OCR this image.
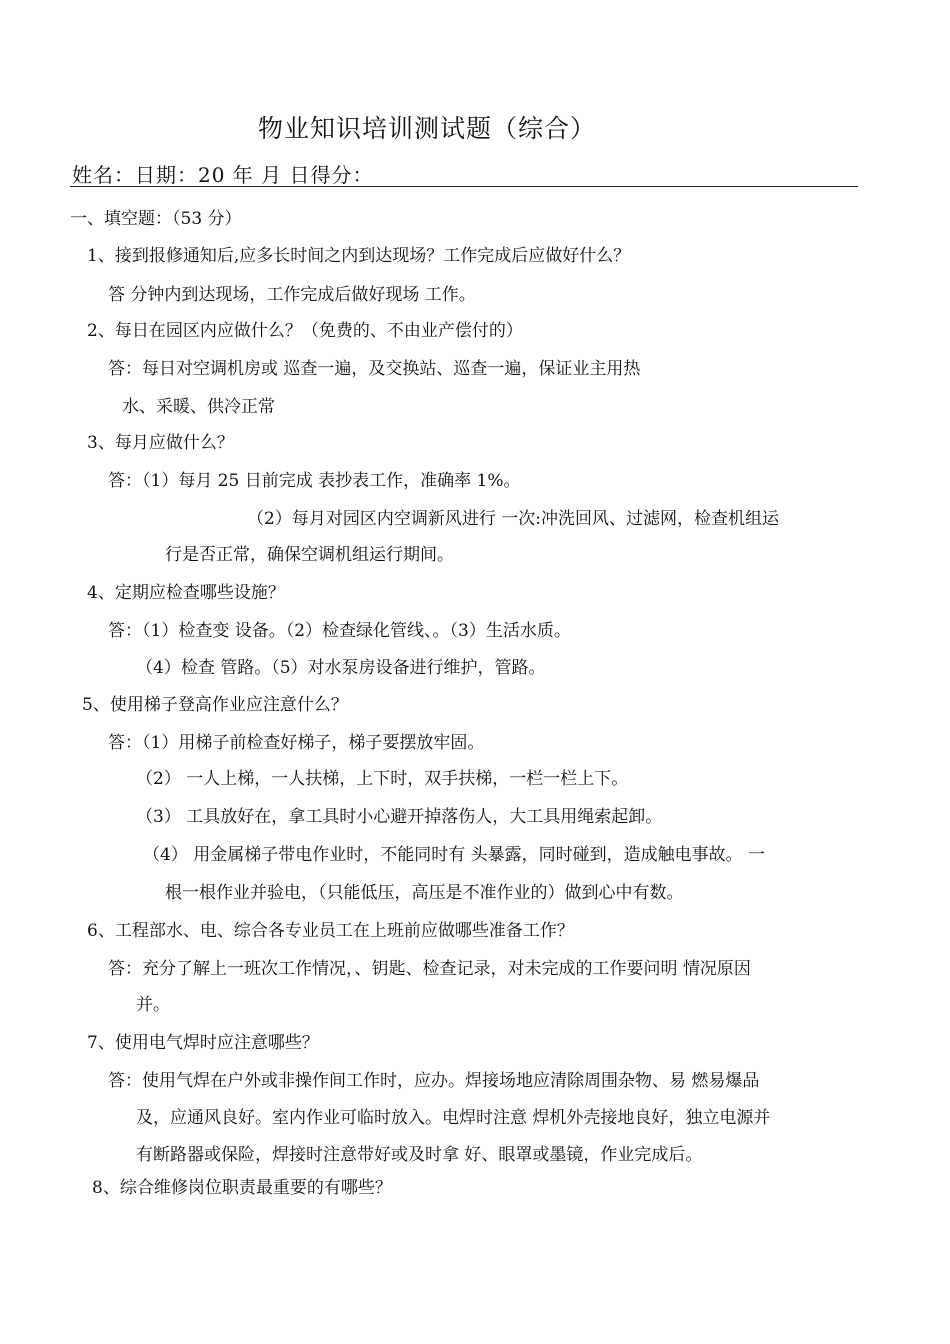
物业知识培训测试题（综合）
姓名：日期：20 年 月 日得分：
一、填空题：（53 分）
1、接到报修通知后,应多长时间之内到达现场？工作完成后应做好什么？
答 分钟内到达现场，工作完成后做好现场 工作。
2、每日在园区内应做什么？（免费的、不由业产偿付的）
答：每日对空调机房或 巡查一遍，及交换站、巡查一遍，保证业主用热
水、采暖、供冷正常
3、每月应做什么？
答：（1）每月 25 日前完成 表抄表工作，准确率 1%。
（2）每月对园区内空调新风进行 一次:冲洗回风、过滤网，检查机组运
行是否正常，确保空调机组运行期间。
4、定期应检查哪些设施？
答：（1）检查变 设备。（2）检查绿化管线、。（3）生活水质。
（4）检查 管路。（5）对水泵房设备进行维护，管路。
5、使用梯子登高作业应注意什么？
答：（1）用梯子前检查好梯子，梯子要摆放牢固。
（2） 一人上梯，一人扶梯，上下时，双手扶梯，一栏一栏上下。
（3） 工具放好在，拿工具时小心避开掉落伤人，大工具用绳索起卸。
（4） 用金属梯子带电作业时，不能同时有 头暴露，同时碰到，造成触电事故。 一
根一根作业并验电，（只能低压，高压是不准作业的）做到心中有数。
6、工程部水、电、综合各专业员工在上班前应做哪些准备工作？
答：充分了解上一班次工作情况，、钥匙、检查记录，对未完成的工作要问明 情况原因
并。
7、使用电气焊时应注意哪些？
答：使用气焊在户外或非操作间工作时，应办。焊接场地应清除周围杂物、易 燃易爆品
及，应通风良好。室内作业可临时放入。电焊时注意 焊机外壳接地良好，独立电源并
有断路器或保险，焊接时注意带好或及时拿 好、眼罩或墨镜，作业完成后。
8、综合维修岗位职责最重要的有哪些？
